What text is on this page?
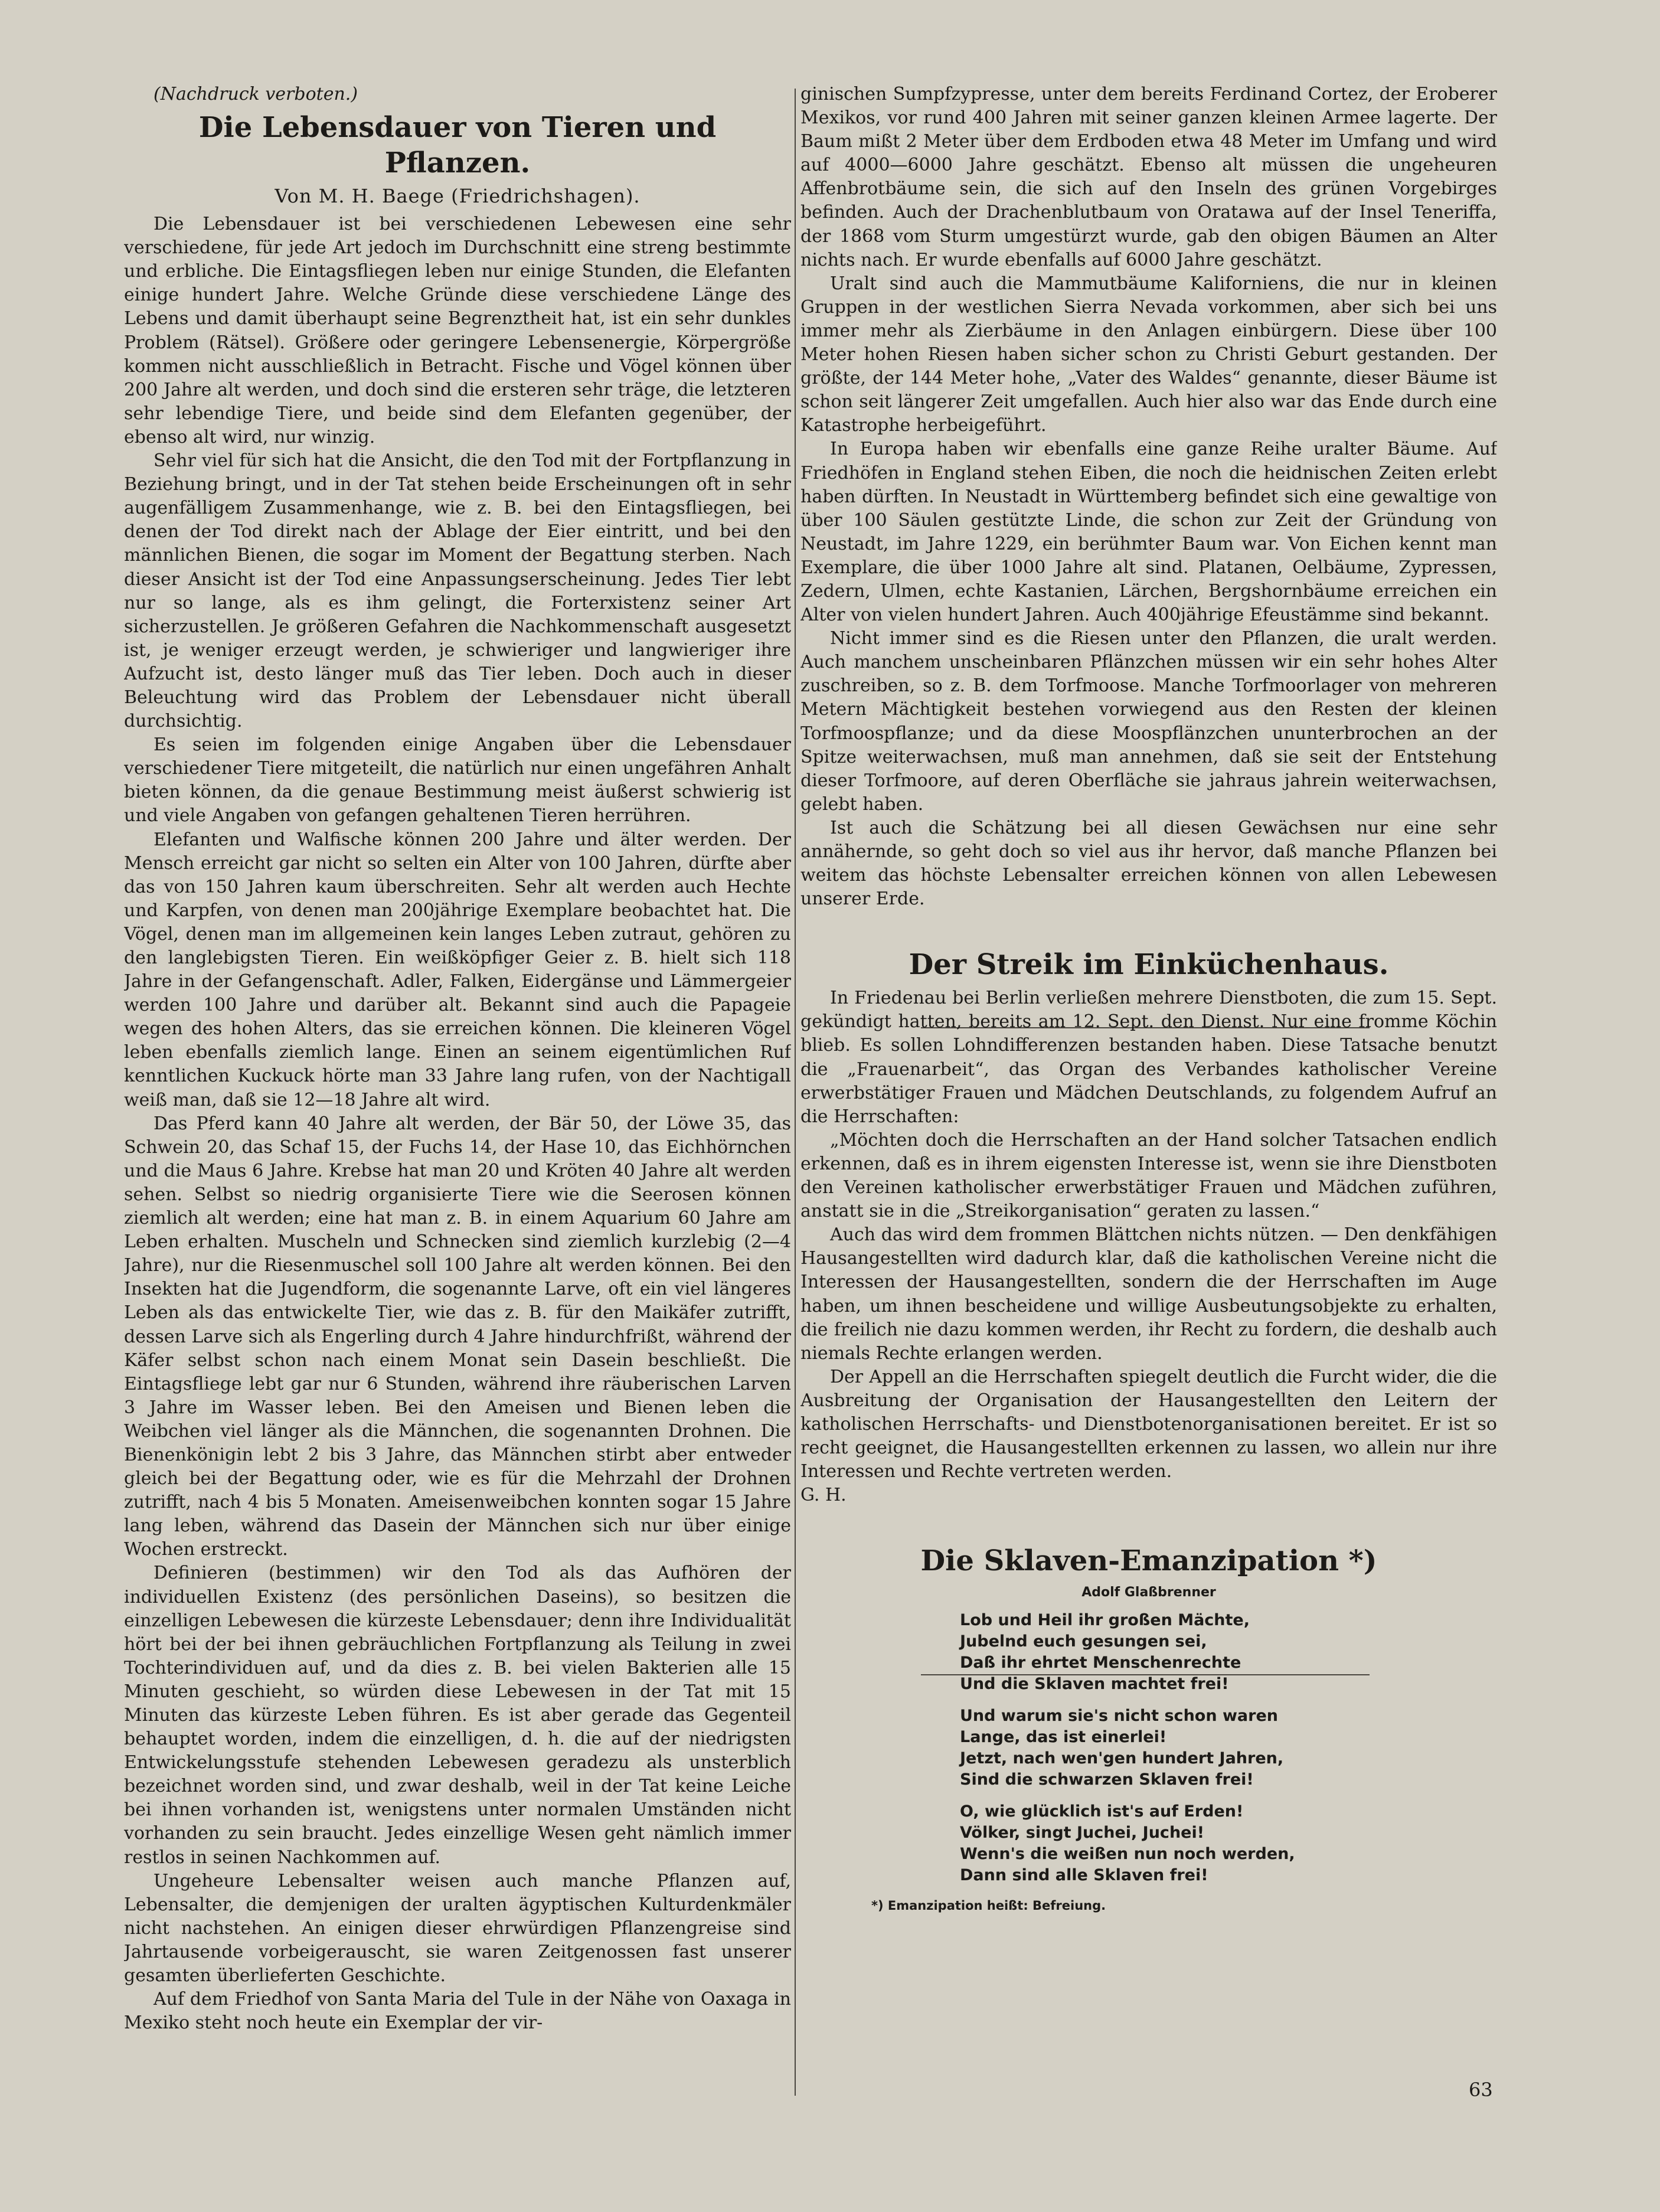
(Nachdruck verboten.)

Die Lebensdauer von Tieren und Pflanzen.
Von M. H. Baege (Friedrichshagen).

Die Lebensdauer ist bei verschiedenen Lebewesen eine sehr verschiedene, für jede Art jedoch im Durchschnitt eine streng bestimmte und erbliche. Die Eintagsfliegen leben nur einige Stunden, die Elefanten einige hundert Jahre. Welche Gründe diese verschiedene Länge des Lebens und damit überhaupt seine Begrenztheit hat, ist ein sehr dunkles Problem (Rätsel). Größere oder geringere Lebensenergie, Körpergröße kommen nicht ausschließlich in Betracht. Fische und Vögel können über 200 Jahre alt werden, und doch sind die ersteren sehr träge, die letzteren sehr lebendige Tiere, und beide sind dem Elefanten gegenüber, der ebenso alt wird, nur winzig.

Sehr viel für sich hat die Ansicht, die den Tod mit der Fortpflanzung in Beziehung bringt, und in der Tat stehen beide Erscheinungen oft in sehr augenfälligem Zusammenhange, wie z. B. bei den Eintagsfliegen, bei denen der Tod direkt nach der Ablage der Eier eintritt, und bei den männlichen Bienen, die sogar im Moment der Begattung sterben. Nach dieser Ansicht ist der Tod eine Anpassungserscheinung. Jedes Tier lebt nur so lange, als es ihm gelingt, die Forterxistenz seiner Art sicherzustellen. Je größeren Gefahren die Nachkommenschaft ausgesetzt ist, je weniger erzeugt werden, je schwieriger und langwieriger ihre Aufzucht ist, desto länger muß das Tier leben. Doch auch in dieser Beleuchtung wird das Problem der Lebensdauer nicht überall durchsichtig.

Es seien im folgenden einige Angaben über die Lebensdauer verschiedener Tiere mitgeteilt, die natürlich nur einen ungefähren Anhalt bieten können, da die genaue Bestimmung meist äußerst schwierig ist und viele Angaben von gefangen gehaltenen Tieren herrühren.

Elefanten und Walfische können 200 Jahre und älter werden. Der Mensch erreicht gar nicht so selten ein Alter von 100 Jahren, dürfte aber das von 150 Jahren kaum überschreiten. Sehr alt werden auch Hechte und Karpfen, von denen man 200jährige Exemplare beobachtet hat. Die Vögel, denen man im allgemeinen kein langes Leben zutraut, gehören zu den langlebigsten Tieren. Ein weißköpfiger Geier z. B. hielt sich 118 Jahre in der Gefangenschaft. Adler, Falken, Eidergänse und Lämmergeier werden 100 Jahre und darüber alt. Bekannt sind auch die Papageie wegen des hohen Alters, das sie erreichen können. Die kleineren Vögel leben ebenfalls ziemlich lange. Einen an seinem eigentümlichen Ruf kenntlichen Kuckuck hörte man 33 Jahre lang rufen, von der Nachtigall weiß man, daß sie 12—18 Jahre alt wird.

Das Pferd kann 40 Jahre alt werden, der Bär 50, der Löwe 35, das Schwein 20, das Schaf 15, der Fuchs 14, der Hase 10, das Eichhörnchen und die Maus 6 Jahre. Krebse hat man 20 und Kröten 40 Jahre alt werden sehen. Selbst so niedrig organisierte Tiere wie die Seerosen können ziemlich alt werden; eine hat man z. B. in einem Aquarium 60 Jahre am Leben erhalten. Muscheln und Schnecken sind ziemlich kurzlebig (2—4 Jahre), nur die Riesenmuschel soll 100 Jahre alt werden können. Bei den Insekten hat die Jugendform, die sogenannte Larve, oft ein viel längeres Leben als das entwickelte Tier, wie das z. B. für den Maikäfer zutrifft, dessen Larve sich als Engerling durch 4 Jahre hindurchfrißt, während der Käfer selbst schon nach einem Monat sein Dasein beschließt. Die Eintagsfliege lebt gar nur 6 Stunden, während ihre räuberischen Larven 3 Jahre im Wasser leben. Bei den Ameisen und Bienen leben die Weibchen viel länger als die Männchen, die sogenannten Drohnen. Die Bienenkönigin lebt 2 bis 3 Jahre, das Männchen stirbt aber entweder gleich bei der Begattung oder, wie es für die Mehrzahl der Drohnen zutrifft, nach 4 bis 5 Monaten. Ameisenweibchen konnten sogar 15 Jahre lang leben, während das Dasein der Männchen sich nur über einige Wochen erstreckt.

Definieren (bestimmen) wir den Tod als das Aufhören der individuellen Existenz (des persönlichen Daseins), so besitzen die einzelligen Lebewesen die kürzeste Lebensdauer; denn ihre Individualität hört bei der bei ihnen gebräuchlichen Fortpflanzung als Teilung in zwei Tochterindividuen auf, und da dies z. B. bei vielen Bakterien alle 15 Minuten geschieht, so würden diese Lebewesen in der Tat mit 15 Minuten das kürzeste Leben führen. Es ist aber gerade das Gegenteil behauptet worden, indem die einzelligen, d. h. die auf der niedrigsten Entwickelungsstufe stehenden Lebewesen geradezu als unsterblich bezeichnet worden sind, und zwar deshalb, weil in der Tat keine Leiche bei ihnen vorhanden ist, wenigstens unter normalen Umständen nicht vorhanden zu sein braucht. Jedes einzellige Wesen geht nämlich immer restlos in seinen Nachkommen auf.

Ungeheure Lebensalter weisen auch manche Pflanzen auf, Lebensalter, die demjenigen der uralten ägyptischen Kulturdenkmäler nicht nachstehen. An einigen dieser ehrwürdigen Pflanzengreise sind Jahrtausende vorbeigerauscht, sie waren Zeitgenossen fast unserer gesamten überlieferten Geschichte.

Auf dem Friedhof von Santa Maria del Tule in der Nähe von Oaxaga in Mexiko steht noch heute ein Exemplar der vir-

ginischen Sumpfzypresse, unter dem bereits Ferdinand Cortez, der Eroberer Mexikos, vor rund 400 Jahren mit seiner ganzen kleinen Armee lagerte. Der Baum mißt 2 Meter über dem Erdboden etwa 48 Meter im Umfang und wird auf 4000—6000 Jahre geschätzt. Ebenso alt müssen die ungeheuren Affenbrotbäume sein, die sich auf den Inseln des grünen Vorgebirges befinden. Auch der Drachenblutbaum von Oratawa auf der Insel Teneriffa, der 1868 vom Sturm umgestürzt wurde, gab den obigen Bäumen an Alter nichts nach. Er wurde ebenfalls auf 6000 Jahre geschätzt.

Uralt sind auch die Mammutbäume Kaliforniens, die nur in kleinen Gruppen in der westlichen Sierra Nevada vorkommen, aber sich bei uns immer mehr als Zierbäume in den Anlagen einbürgern. Diese über 100 Meter hohen Riesen haben sicher schon zu Christi Geburt gestanden. Der größte, der 144 Meter hohe, „Vater des Waldes“ genannte, dieser Bäume ist schon seit längerer Zeit umgefallen. Auch hier also war das Ende durch eine Katastrophe herbeigeführt.

In Europa haben wir ebenfalls eine ganze Reihe uralter Bäume. Auf Friedhöfen in England stehen Eiben, die noch die heidnischen Zeiten erlebt haben dürften. In Neustadt in Württemberg befindet sich eine gewaltige von über 100 Säulen gestützte Linde, die schon zur Zeit der Gründung von Neustadt, im Jahre 1229, ein berühmter Baum war. Von Eichen kennt man Exemplare, die über 1000 Jahre alt sind. Platanen, Oelbäume, Zypressen, Zedern, Ulmen, echte Kastanien, Lärchen, Bergshornbäume erreichen ein Alter von vielen hundert Jahren. Auch 400jährige Efeustämme sind bekannt.

Nicht immer sind es die Riesen unter den Pflanzen, die uralt werden. Auch manchem unscheinbaren Pflänzchen müssen wir ein sehr hohes Alter zuschreiben, so z. B. dem Torfmoose. Manche Torfmoorlager von mehreren Metern Mächtigkeit bestehen vorwiegend aus den Resten der kleinen Torfmoospflanze; und da diese Moospflänzchen ununterbrochen an der Spitze weiterwachsen, muß man annehmen, daß sie seit der Entstehung dieser Torfmoore, auf deren Oberfläche sie jahraus jahrein weiterwachsen, gelebt haben.

Ist auch die Schätzung bei all diesen Gewächsen nur eine sehr annähernde, so geht doch so viel aus ihr hervor, daß manche Pflanzen bei weitem das höchste Lebensalter erreichen können von allen Lebewesen unserer Erde.

Der Streik im Einküchenhaus.

In Friedenau bei Berlin verließen mehrere Dienstboten, die zum 15. Sept. gekündigt hatten, bereits am 12. Sept. den Dienst. Nur eine fromme Köchin blieb. Es sollen Lohndifferenzen bestanden haben. Diese Tatsache benutzt die „Frauenarbeit“, das Organ des Verbandes katholischer Vereine erwerbstätiger Frauen und Mädchen Deutschlands, zu folgendem Aufruf an die Herrschaften:

„Möchten doch die Herrschaften an der Hand solcher Tatsachen endlich erkennen, daß es in ihrem eigensten Interesse ist, wenn sie ihre Dienstboten den Vereinen katholischer erwerbstätiger Frauen und Mädchen zuführen, anstatt sie in die „Streikorganisation“ geraten zu lassen.“

Auch das wird dem frommen Blättchen nichts nützen. — Den denkfähigen Hausangestellten wird dadurch klar, daß die katholischen Vereine nicht die Interessen der Hausangestellten, sondern die der Herrschaften im Auge haben, um ihnen bescheidene und willige Ausbeutungsobjekte zu erhalten, die freilich nie dazu kommen werden, ihr Recht zu fordern, die deshalb auch niemals Rechte erlangen werden.

Der Appell an die Herrschaften spiegelt deutlich die Furcht wider, die die Ausbreitung der Organisation der Hausangestellten den Leitern der katholischen Herrschafts- und Dienstbotenorganisationen bereitet. Er ist so recht geeignet, die Hausangestellten erkennen zu lassen, wo allein nur ihre Interessen und Rechte vertreten werden.

G. H.

Die Sklaven-Emanzipation *)
Adolf Glaßbrenner
Lob und Heil ihr großen Mächte,
Jubelnd euch gesungen sei,
Daß ihr ehrtet Menschenrechte
Und die Sklaven machtet frei!
Und warum sie's nicht schon waren
Lange, das ist einerlei!
Jetzt, nach wen'gen hundert Jahren,
Sind die schwarzen Sklaven frei!
O, wie glücklich ist's auf Erden!
Völker, singt Juchei, Juchei!
Wenn's die weißen nun noch werden,
Dann sind alle Sklaven frei!
*) Emanzipation heißt: Befreiung.
63
